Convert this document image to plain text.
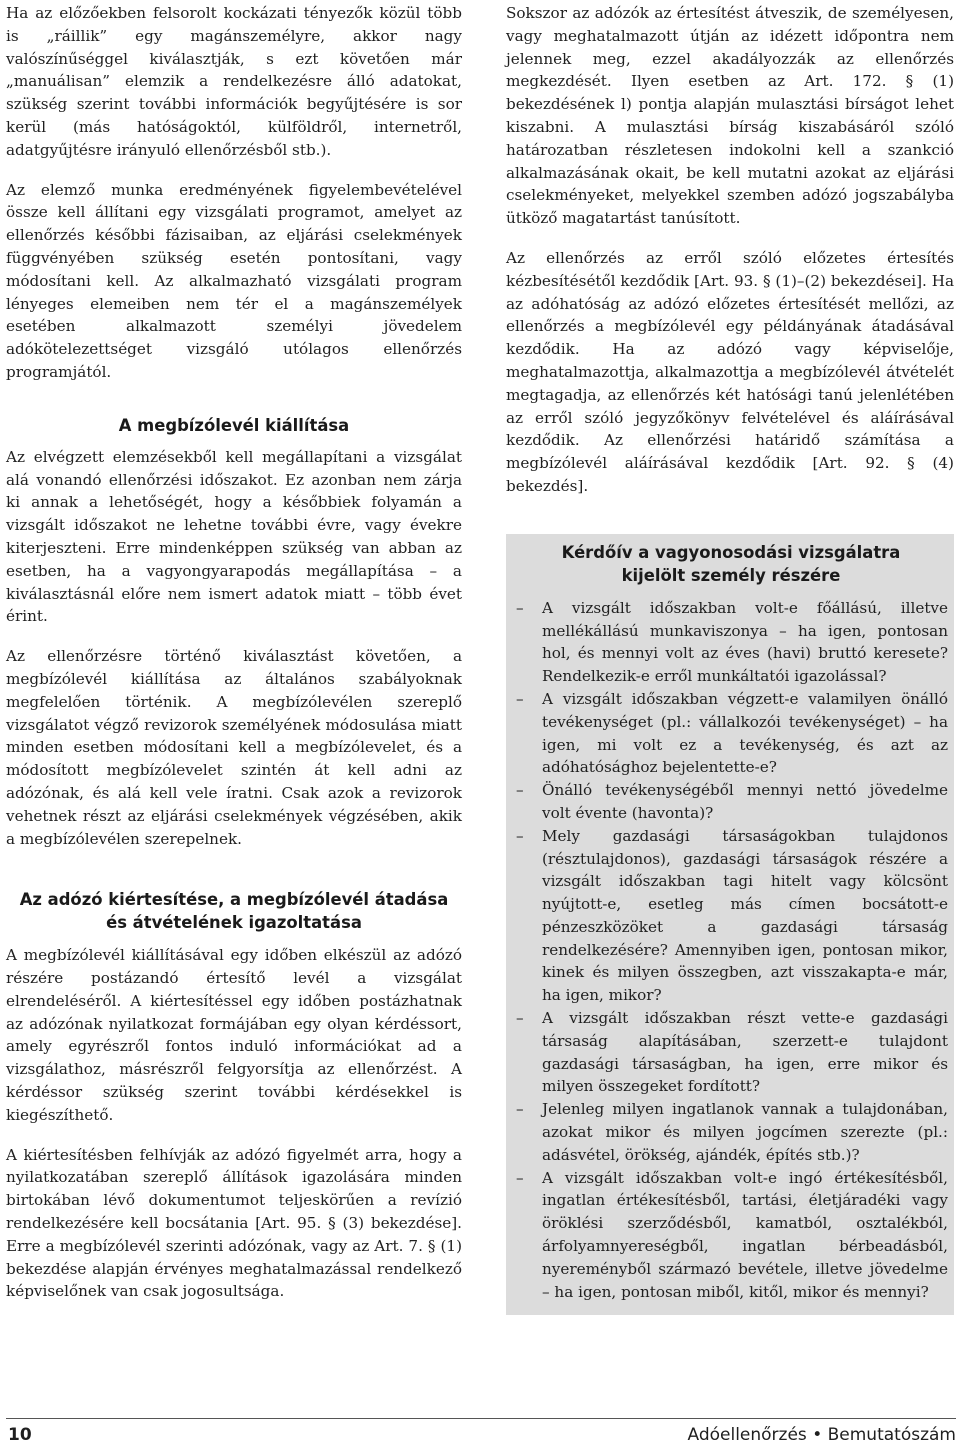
Ha az előzőekben felsorolt kockázati tényezők közül több is „ráillik” egy magánszemélyre, akkor nagy valószínűséggel kiválasztják, s ezt követően már „manuálisan” elemzik a rendelkezésre álló adatokat, szükség szerint további információk begyűjtésére is sor kerül (más hatóságoktól, külföldről, internetről, adatgyűjtésre irányuló ellenőrzésből stb.).

Az elemző munka eredményének figyelembevételével össze kell állítani egy vizsgálati programot, amelyet az ellenőrzés későbbi fázisaiban, az eljárási cselekmények függvényében szükség esetén pontosítani, vagy módosítani kell. Az alkalmazható vizsgálati program lényeges elemeiben nem tér el a magánszemélyek esetében alkalmazott személyi jövedelem adókötelezettséget vizsgáló utólagos ellenőrzés programjától.

A megbízólevél kiállítása

Az elvégzett elemzésekből kell megállapítani a vizsgálat alá vonandó ellenőrzési időszakot. Ez azonban nem zárja ki annak a lehetőségét, hogy a későbbiek folyamán a vizsgált időszakot ne lehetne további évre, vagy évekre kiterjeszteni. Erre mindenképpen szükség van abban az esetben, ha a vagyongyarapodás megállapítása – a kiválasztásnál előre nem ismert adatok miatt – több évet érint.

Az ellenőrzésre történő kiválasztást követően, a megbízólevél kiállítása az általános szabályoknak megfelelően történik. A megbízólevélen szereplő vizsgálatot végző revizorok személyének módosulása miatt minden esetben módosítani kell a megbízólevelet, és a módosított megbízólevelet szintén át kell adni az adózónak, és alá kell vele íratni. Csak azok a revizorok vehetnek részt az eljárási cselekmények végzésében, akik a megbízólevélen szerepelnek.

Az adózó kiértesítése, a megbízólevél átadása
és átvételének igazoltatása

A megbízólevél kiállításával egy időben elkészül az adózó részére postázandó értesítő levél a vizsgálat elrendeléséről. A kiértesítéssel egy időben postázhatnak az adózónak nyilatkozat formájában egy olyan kérdéssort, amely egyrészről fontos induló információkat ad a vizsgálathoz, másrészről felgyorsítja az ellenőrzést. A kérdéssor szükség szerint további kérdésekkel is kiegészíthető.

A kiértesítésben felhívják az adózó figyelmét arra, hogy a nyilatkozatában szereplő állítások igazolására minden birtokában lévő dokumentumot teljeskörűen a revízió rendelkezésére kell bocsátania [Art. 95. § (3) bekezdése]. Erre a megbízólevél szerinti adózónak, vagy az Art. 7. § (1) bekezdése alapján érvényes meghatalmazással rendelkező képviselőnek van csak jogosultsága.

Sokszor az adózók az értesítést átveszik, de személyesen, vagy meghatalmazott útján az idézett időpontra nem jelennek meg, ezzel akadályozzák az ellenőrzés megkezdését. Ilyen esetben az Art. 172. § (1) bekezdésének l) pontja alapján mulasztási bírságot lehet kiszabni. A mulasztási bírság kiszabásáról szóló határozatban részletesen indokolni kell a szankció alkalmazásának okait, be kell mutatni azokat az eljárási cselekményeket, melyekkel szemben adózó jogszabályba ütköző magatartást tanúsított.

Az ellenőrzés az erről szóló előzetes értesítés kézbesítésétől kezdődik [Art. 93. § (1)–(2) bekezdései]. Ha az adóhatóság az adózó előzetes értesítését mellőzi, az ellenőrzés a megbízólevél egy példányának átadásával kezdődik. Ha az adózó vagy képviselője, meghatalmazottja, alkalmazottja a megbízólevél átvételét megtagadja, az ellenőrzés két hatósági tanú jelenlétében az erről szóló jegyzőkönyv felvételével és aláírásával kezdődik. Az ellenőrzési határidő számítása a megbízólevél aláírásával kezdődik [Art. 92. § (4) bekezdés].

Kérdőív a vagyonosodási vizsgálatra
kijelölt személy részére
– A vizsgált időszakban volt-e főállású, illetve mellékállású munkaviszonya – ha igen, pontosan hol, és mennyi volt az éves (havi) bruttó keresete? Rendelkezik-e erről munkáltatói igazolással?
– A vizsgált időszakban végzett-e valamilyen önálló tevékenységet (pl.: vállalkozói tevékenységet) – ha igen, mi volt ez a tevékenység, és azt az adóhatósághoz bejelentette-e?
– Önálló tevékenységéből mennyi nettó jövedelme volt évente (havonta)?
– Mely gazdasági társaságokban tulajdonos (résztulajdonos), gazdasági társaságok részére a vizsgált időszakban tagi hitelt vagy kölcsönt nyújtott-e, esetleg más címen bocsátott-e pénzeszközöket a gazdasági társaság rendelkezésére? Amennyiben igen, pontosan mikor, kinek és milyen összegben, azt visszakapta-e már, ha igen, mikor?
– A vizsgált időszakban részt vette-e gazdasági társaság alapításában, szerzett-e tulajdont gazdasági társaságban, ha igen, erre mikor és milyen összegeket fordított?
– Jelenleg milyen ingatlanok vannak a tulajdonában, azokat mikor és milyen jogcímen szerezte (pl.: adásvétel, örökség, ajándék, építés stb.)?
– A vizsgált időszakban volt-e ingó értékesítésből, ingatlan értékesítésből, tartási, életjáradéki vagy öröklési szerződésből, kamatból, osztalékból, árfolyamnyereségből, ingatlan bérbeadásból, nyereményből származó bevétele, illetve jövedelme – ha igen, pontosan miből, kitől, mikor és mennyi?
10	Adóellenőrzés • Bemutatószám
